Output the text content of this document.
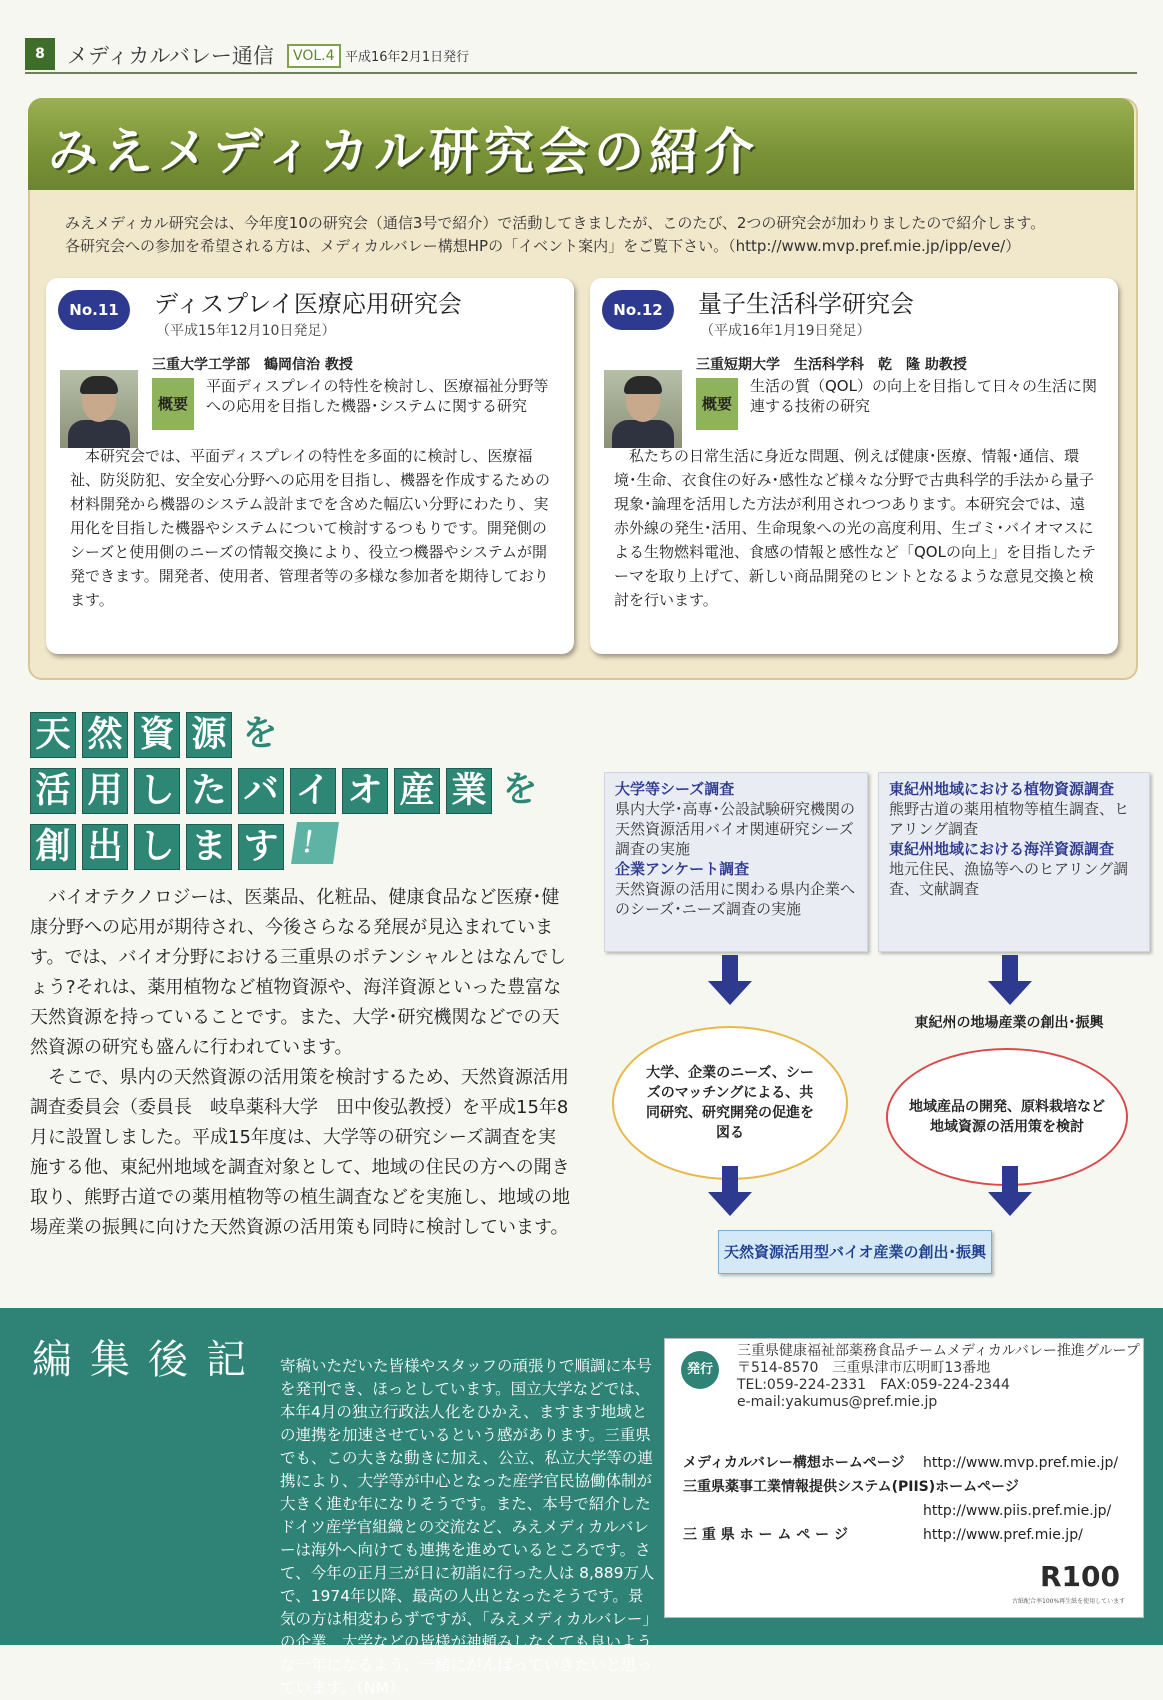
8	メディカルバレー通信	VOL.4 平成16年2月1日発行
みえメディカル研究会の紹介
みえメディカル研究会は、今年度10の研究会（通信3号で紹介）で活動してきましたが、このたび、2つの研究会が加わりましたので紹介します。
各研究会への参加を希望される方は、メディカルバレー構想HPの「イベント案内」をご覧下さい。（http://www.mvp.pref.mie.jp/ipp/eve/）
No.11	ディスプレイ医療応用研究会
（平成15年12月10日発足）
三重大学工学部　鶴岡信治 教授
概要
平面ディスプレイの特性を検討し、医療福祉分野等への応用を目指した機器･システムに関する研究
本研究会では、平面ディスプレイの特性を多面的に検討し、医療福祉、防災防犯、安全安心分野への応用を目指し、機器を作成するための材料開発から機器のシステム設計までを含めた幅広い分野にわたり、実用化を目指した機器やシステムについて検討するつもりです。開発側のシーズと使用側のニーズの情報交換により、役立つ機器やシステムが開発できます。開発者、使用者、管理者等の多様な参加者を期待しております。
No.12	量子生活科学研究会
（平成16年1月19日発足）
三重短期大学　生活科学科　乾　隆 助教授
概要
生活の質（QOL）の向上を目指して日々の生活に関連する技術の研究
私たちの日常生活に身近な問題、例えば健康･医療、情報･通信、環境･生命、衣食住の好み･感性など様々な分野で古典科学的手法から量子現象･論理を活用した方法が利用されつつあります。本研究会では、遠赤外線の発生･活用、生命現象への光の高度利用、生ゴミ･バイオマスによる生物燃料電池、食感の情報と感性など「QOLの向上」を目指したテーマを取り上げて、新しい商品開発のヒントとなるような意見交換と検討を行います。
天 然 資 源 を
活 用 し た バ イ オ 産 業 を
創 出 し ま す ！

バイオテクノロジーは、医薬品、化粧品、健康食品など医療･健康分野への応用が期待され、今後さらなる発展が見込まれています。では、バイオ分野における三重県のポテンシャルとはなんでしょう?それは、薬用植物など植物資源や、海洋資源といった豊富な天然資源を持っていることです。また、大学･研究機関などでの天然資源の研究も盛んに行われています。

そこで、県内の天然資源の活用策を検討するため、天然資源活用調査委員会（委員長　岐阜薬科大学　田中俊弘教授）を平成15年8月に設置しました。平成15年度は、大学等の研究シーズ調査を実施する他、東紀州地域を調査対象として、地域の住民の方への聞き取り、熊野古道での薬用植物等の植生調査などを実施し、地域の地場産業の振興に向けた天然資源の活用策も同時に検討しています。

大学等シーズ調査
県内大学･高専･公設試験研究機関の天然資源活用バイオ関連研究シーズ調査の実施
企業アンケート調査
天然資源の活用に関わる県内企業へのシーズ･ニーズ調査の実施
東紀州地域における植物資源調査
熊野古道の薬用植物等植生調査、ヒアリング調査
東紀州地域における海洋資源調査
地元住民、漁協等へのヒアリング調査、文献調査
東紀州の地場産業の創出･振興
大学、企業のニーズ、シーズのマッチングによる、共同研究、研究開発の促進を図る
地域産品の開発、原料栽培など地域資源の活用策を検討
天然資源活用型バイオ産業の創出･振興
編集後記	寄稿いただいた皆様やスタッフの頑張りで順調に本号を発刊でき、ほっとしています。国立大学などでは、本年4月の独立行政法人化をひかえ、ますます地域との連携を加速させているという感があります。三重県でも、この大きな動きに加え、公立、私立大学等の連携により、大学等が中心となった産学官民協働体制が大きく進む年になりそうです。また、本号で紹介したドイツ産学官組織との交流など、みえメディカルバレーは海外へ向けても連携を進めているところです。さて、今年の正月三が日に初詣に行った人は 8,889万人で、1974年以降、最高の人出となったそうです。景気の方は相変わらずですが、「みえメディカルバレー」の企業、大学などの皆様が神頼みしなくても良いような一年になるよう、一緒にがんばっていきたいと思っています。（NM）
発行
三重県健康福祉部薬務食品チームメディカルバレー推進グループ
〒514-8570　三重県津市広明町13番地
TEL:059-224-2331　FAX:059-224-2344
e-mail:yakumus@pref.mie.jp
メディカルバレー構想ホームページ	http://www.mvp.pref.mie.jp/
三重県薬事工業情報提供システム(PIIS)ホームページ
http://www.piis.pref.mie.jp/
三 重 県 ホ ー ム ペ ー ジ	http://www.pref.mie.jp/
R100
古紙配合率100%再生紙を使用しています
